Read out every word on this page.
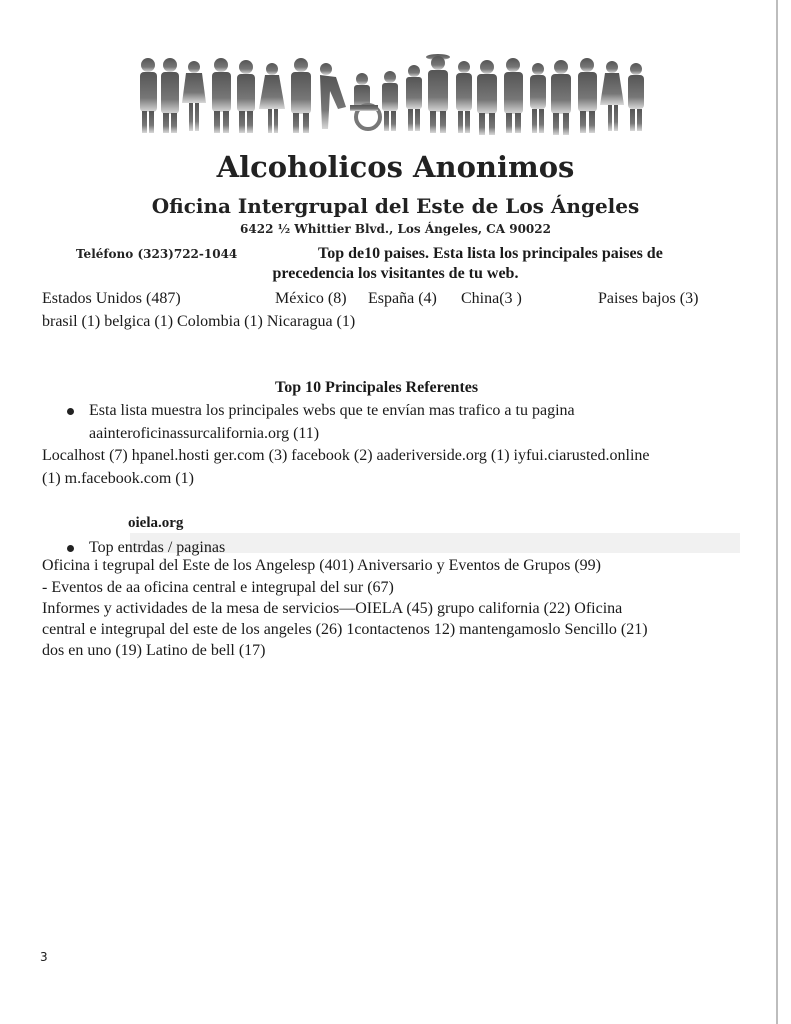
Alcoholicos Anonimos
Oficina Intergrupal del Este de Los Ángeles
6422 ½ Whittier Blvd., Los Ángeles, CA 90022
Teléfono (323)722-1044	Top de10 paises. Esta lista los principales paises de
precedencia los visitantes de tu web.
Estados Unidos (487)	México (8) España (4) China(3 )	Paises bajos (3)
brasil (1) belgica (1) Colombia (1) Nicaragua (1)
Top 10 Principales Referentes
Esta lista muestra los principales webs que te envían mas trafico a tu pagina
aainteroficinassurcalifornia.org (11)
Localhost (7) hpanel.hosti ger.com (3) facebook (2) aaderiverside.org (1) iyfui.ciarusted.online
(1) m.facebook.com (1)
oiela.org
Top entrdas / paginas
Oficina i tegrupal del Este de los Angelesp (401) Aniversario y Eventos de Grupos (99)
- Eventos de aa oficina central e integrupal del sur (67)
Informes y actividades de la mesa de servicios—OIELA (45) grupo california (22) Oficina
central e integrupal del este de los angeles (26) 1contactenos 12) mantengamoslo Sencillo (21)
dos en uno (19) Latino de bell (17)
3
